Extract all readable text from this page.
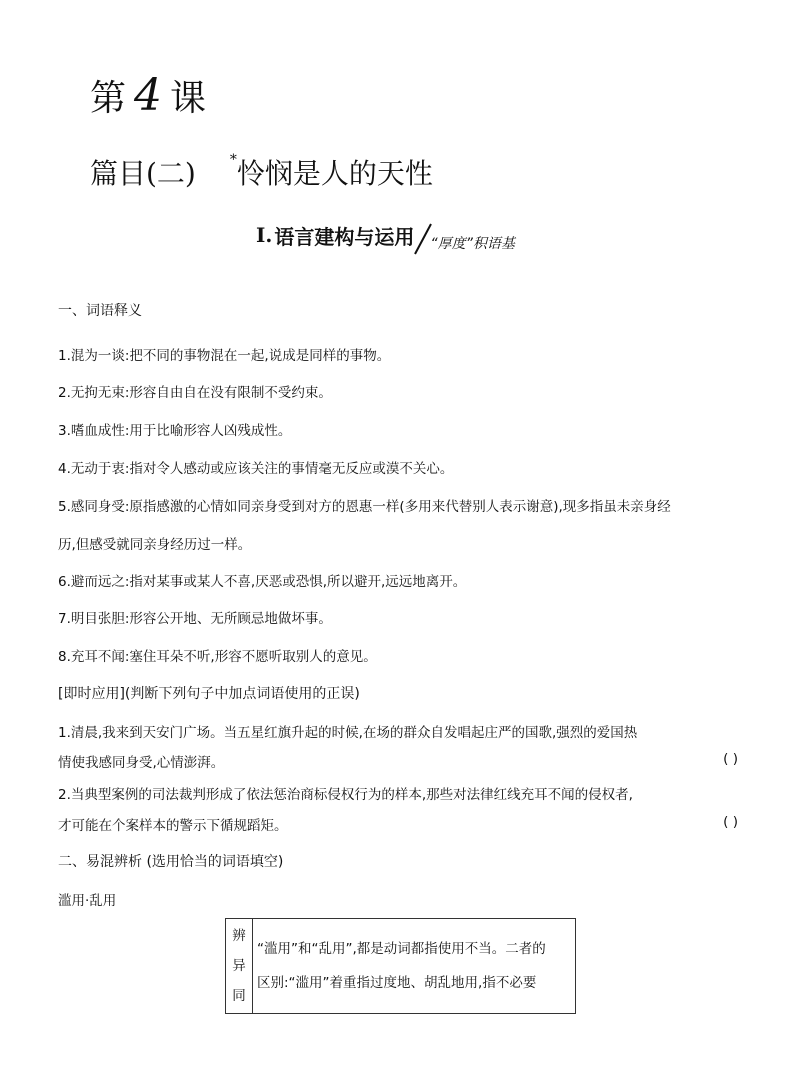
第 4 课
篇目(二) *怜悯是人的天性
Ⅰ. 语言建构与运用 “厚度”积语基
一、词语释义
1.混为一谈:把不同的事物混在一起,说成是同样的事物。
2.无拘无束:形容自由自在没有限制不受约束。
3.嗜血成性:用于比喻形容人凶残成性。
4.无动于衷:指对令人感动或应该关注的事情毫无反应或漠不关心。
5.感同身受:原指感激的心情如同亲身受到对方的恩惠一样(多用来代替别人表示谢意),现多指虽未亲身经
历,但感受就同亲身经历过一样。
6.避而远之:指对某事或某人不喜,厌恶或恐惧,所以避开,远远地离开。
7.明目张胆:形容公开地、无所顾忌地做坏事。
8.充耳不闻:塞住耳朵不听,形容不愿听取别人的意见。
[即时应用](判断下列句子中加点词语使用的正误)
1.清晨,我来到天安门广场。当五星红旗升起的时候,在场的群众自发唱起庄严的国歌,强烈的爱国热
情使我感同身受,心情澎湃。	( )
2.当典型案例的司法裁判形成了依法惩治商标侵权行为的样本,那些对法律红线充耳不闻的侵权者,
才可能在个案样本的警示下循规蹈矩。	( )
二、易混辨析 (选用恰当的词语填空)
滥用·乱用
辨
异
同

“滥用”和“乱用”,都是动词都指使用不当。二者的
区别:“滥用”着重指过度地、胡乱地用,指不必要
